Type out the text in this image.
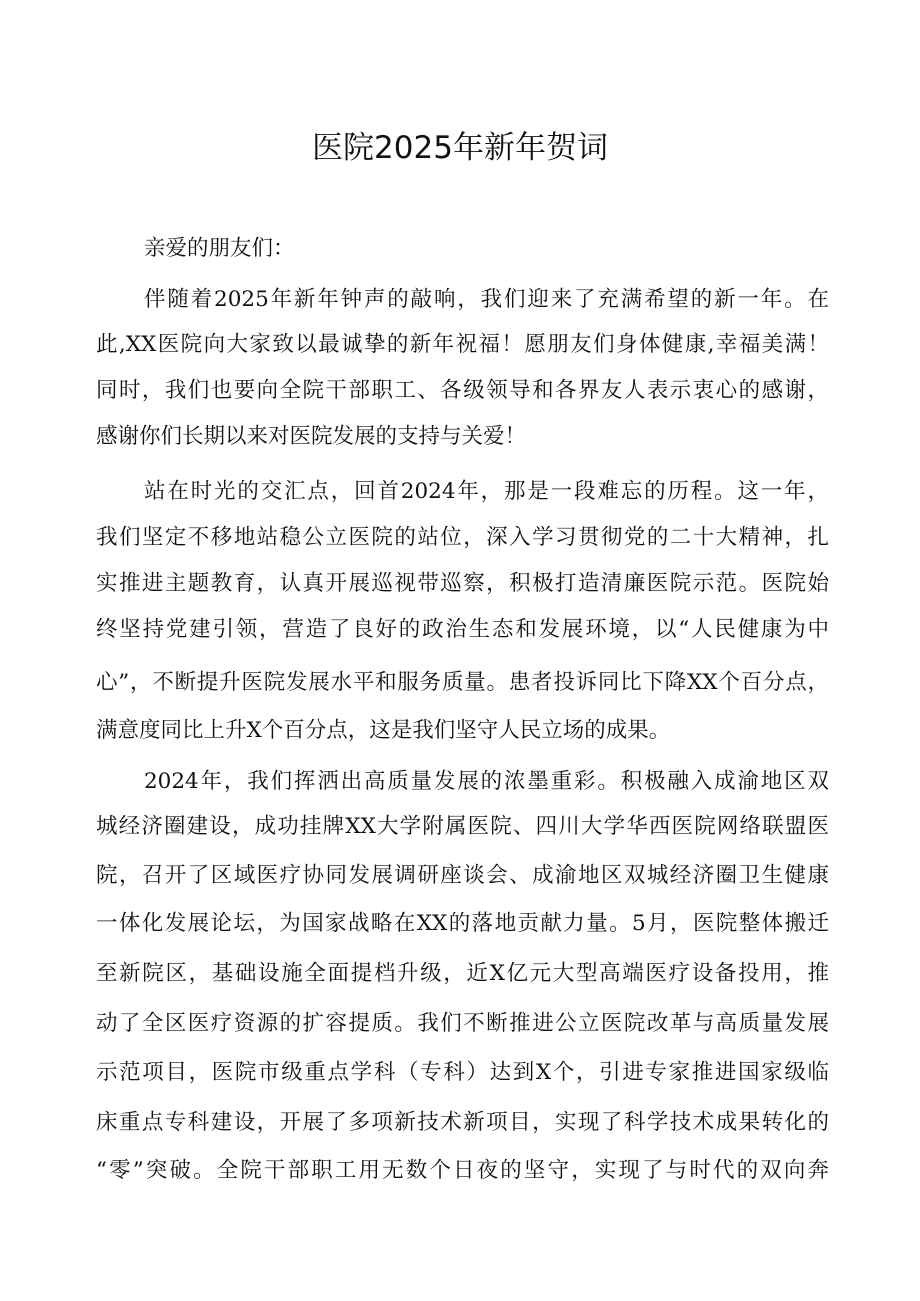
医院2025年新年贺词
亲爱的朋友们：
伴随着2025年新年钟声的敲响，我们迎来了充满希望的新一年。在
此,XX医院向大家致以最诚挚的新年祝福！愿朋友们身体健康,幸福美满！
同时，我们也要向全院干部职工、各级领导和各界友人表示衷心的感谢，
感谢你们长期以来对医院发展的支持与关爱！
站在时光的交汇点，回首2024年，那是一段难忘的历程。这一年，
我们坚定不移地站稳公立医院的站位，深入学习贯彻党的二十大精神，扎
实推进主题教育，认真开展巡视带巡察，积极打造清廉医院示范。医院始
终坚持党建引领，营造了良好的政治生态和发展环境，以“人民健康为中
心”，不断提升医院发展水平和服务质量。患者投诉同比下降XX个百分点，
满意度同比上升X个百分点，这是我们坚守人民立场的成果。
2024年，我们挥洒出高质量发展的浓墨重彩。积极融入成渝地区双
城经济圈建设，成功挂牌XX大学附属医院、四川大学华西医院网络联盟医
院，召开了区域医疗协同发展调研座谈会、成渝地区双城经济圈卫生健康
一体化发展论坛，为国家战略在XX的落地贡献力量。5月，医院整体搬迁
至新院区，基础设施全面提档升级，近X亿元大型高端医疗设备投用，推
动了全区医疗资源的扩容提质。我们不断推进公立医院改革与高质量发展
示范项目，医院市级重点学科（专科）达到X个，引进专家推进国家级临
床重点专科建设，开展了多项新技术新项目，实现了科学技术成果转化的
“零”突破。全院干部职工用无数个日夜的坚守，实现了与时代的双向奔
